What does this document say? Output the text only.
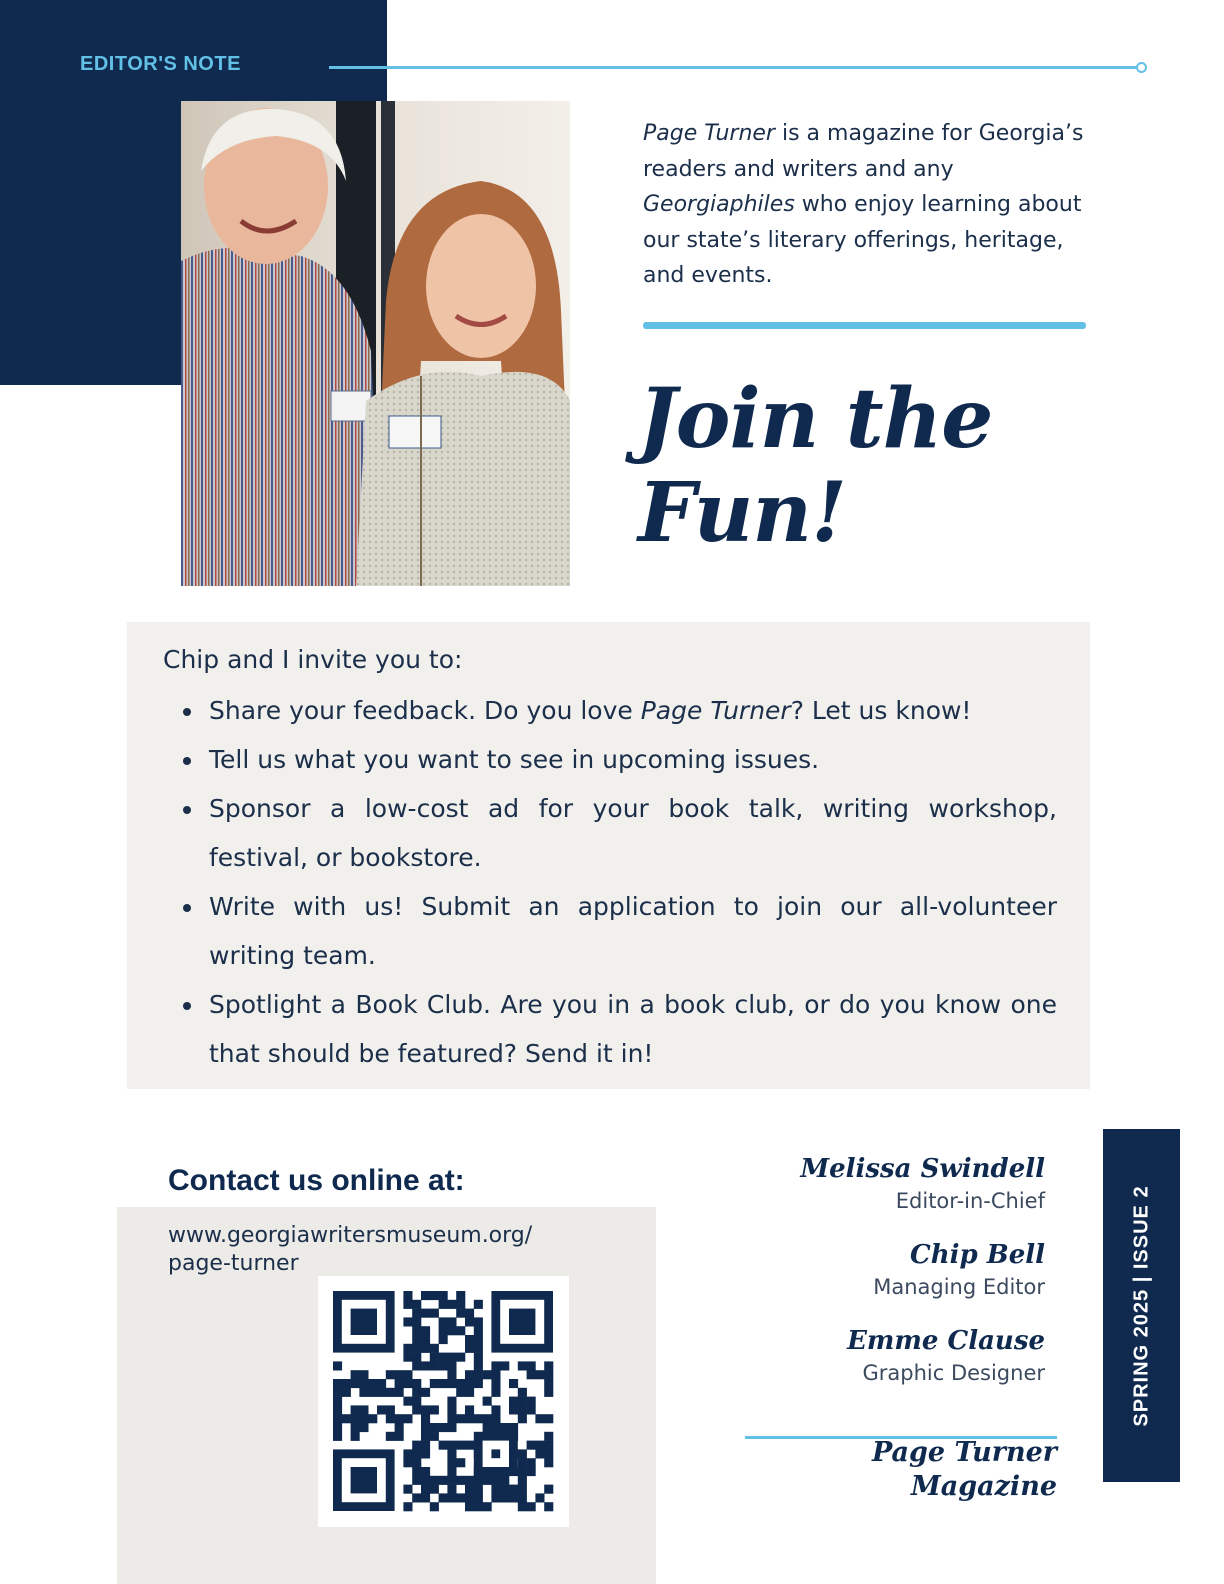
EDITOR'S NOTE
Page Turner is a magazine for Georgia’s readers and writers and any Georgiaphiles who enjoy learning about our state’s literary offerings, heritage, and events.
Join the
Fun!
Chip and I invite you to:
Share your feedback. Do you love Page Turner? Let us know!
Tell us what you want to see in upcoming issues.
Sponsor a low-cost ad for your book talk, writing workshop, festival, or bookstore.
Write with us! Submit an application to join our all-volunteer writing team.
Spotlight a Book Club. Are you in a book club, or do you know one that should be featured? Send it in!
Contact us online at:
www.georgiawritersmuseum.org/
page-turner
Melissa Swindell
Editor-in-Chief
Chip Bell
Managing Editor
Emme Clause
Graphic Designer
Page Turner
Magazine
SPRING 2025 | ISSUE 2
